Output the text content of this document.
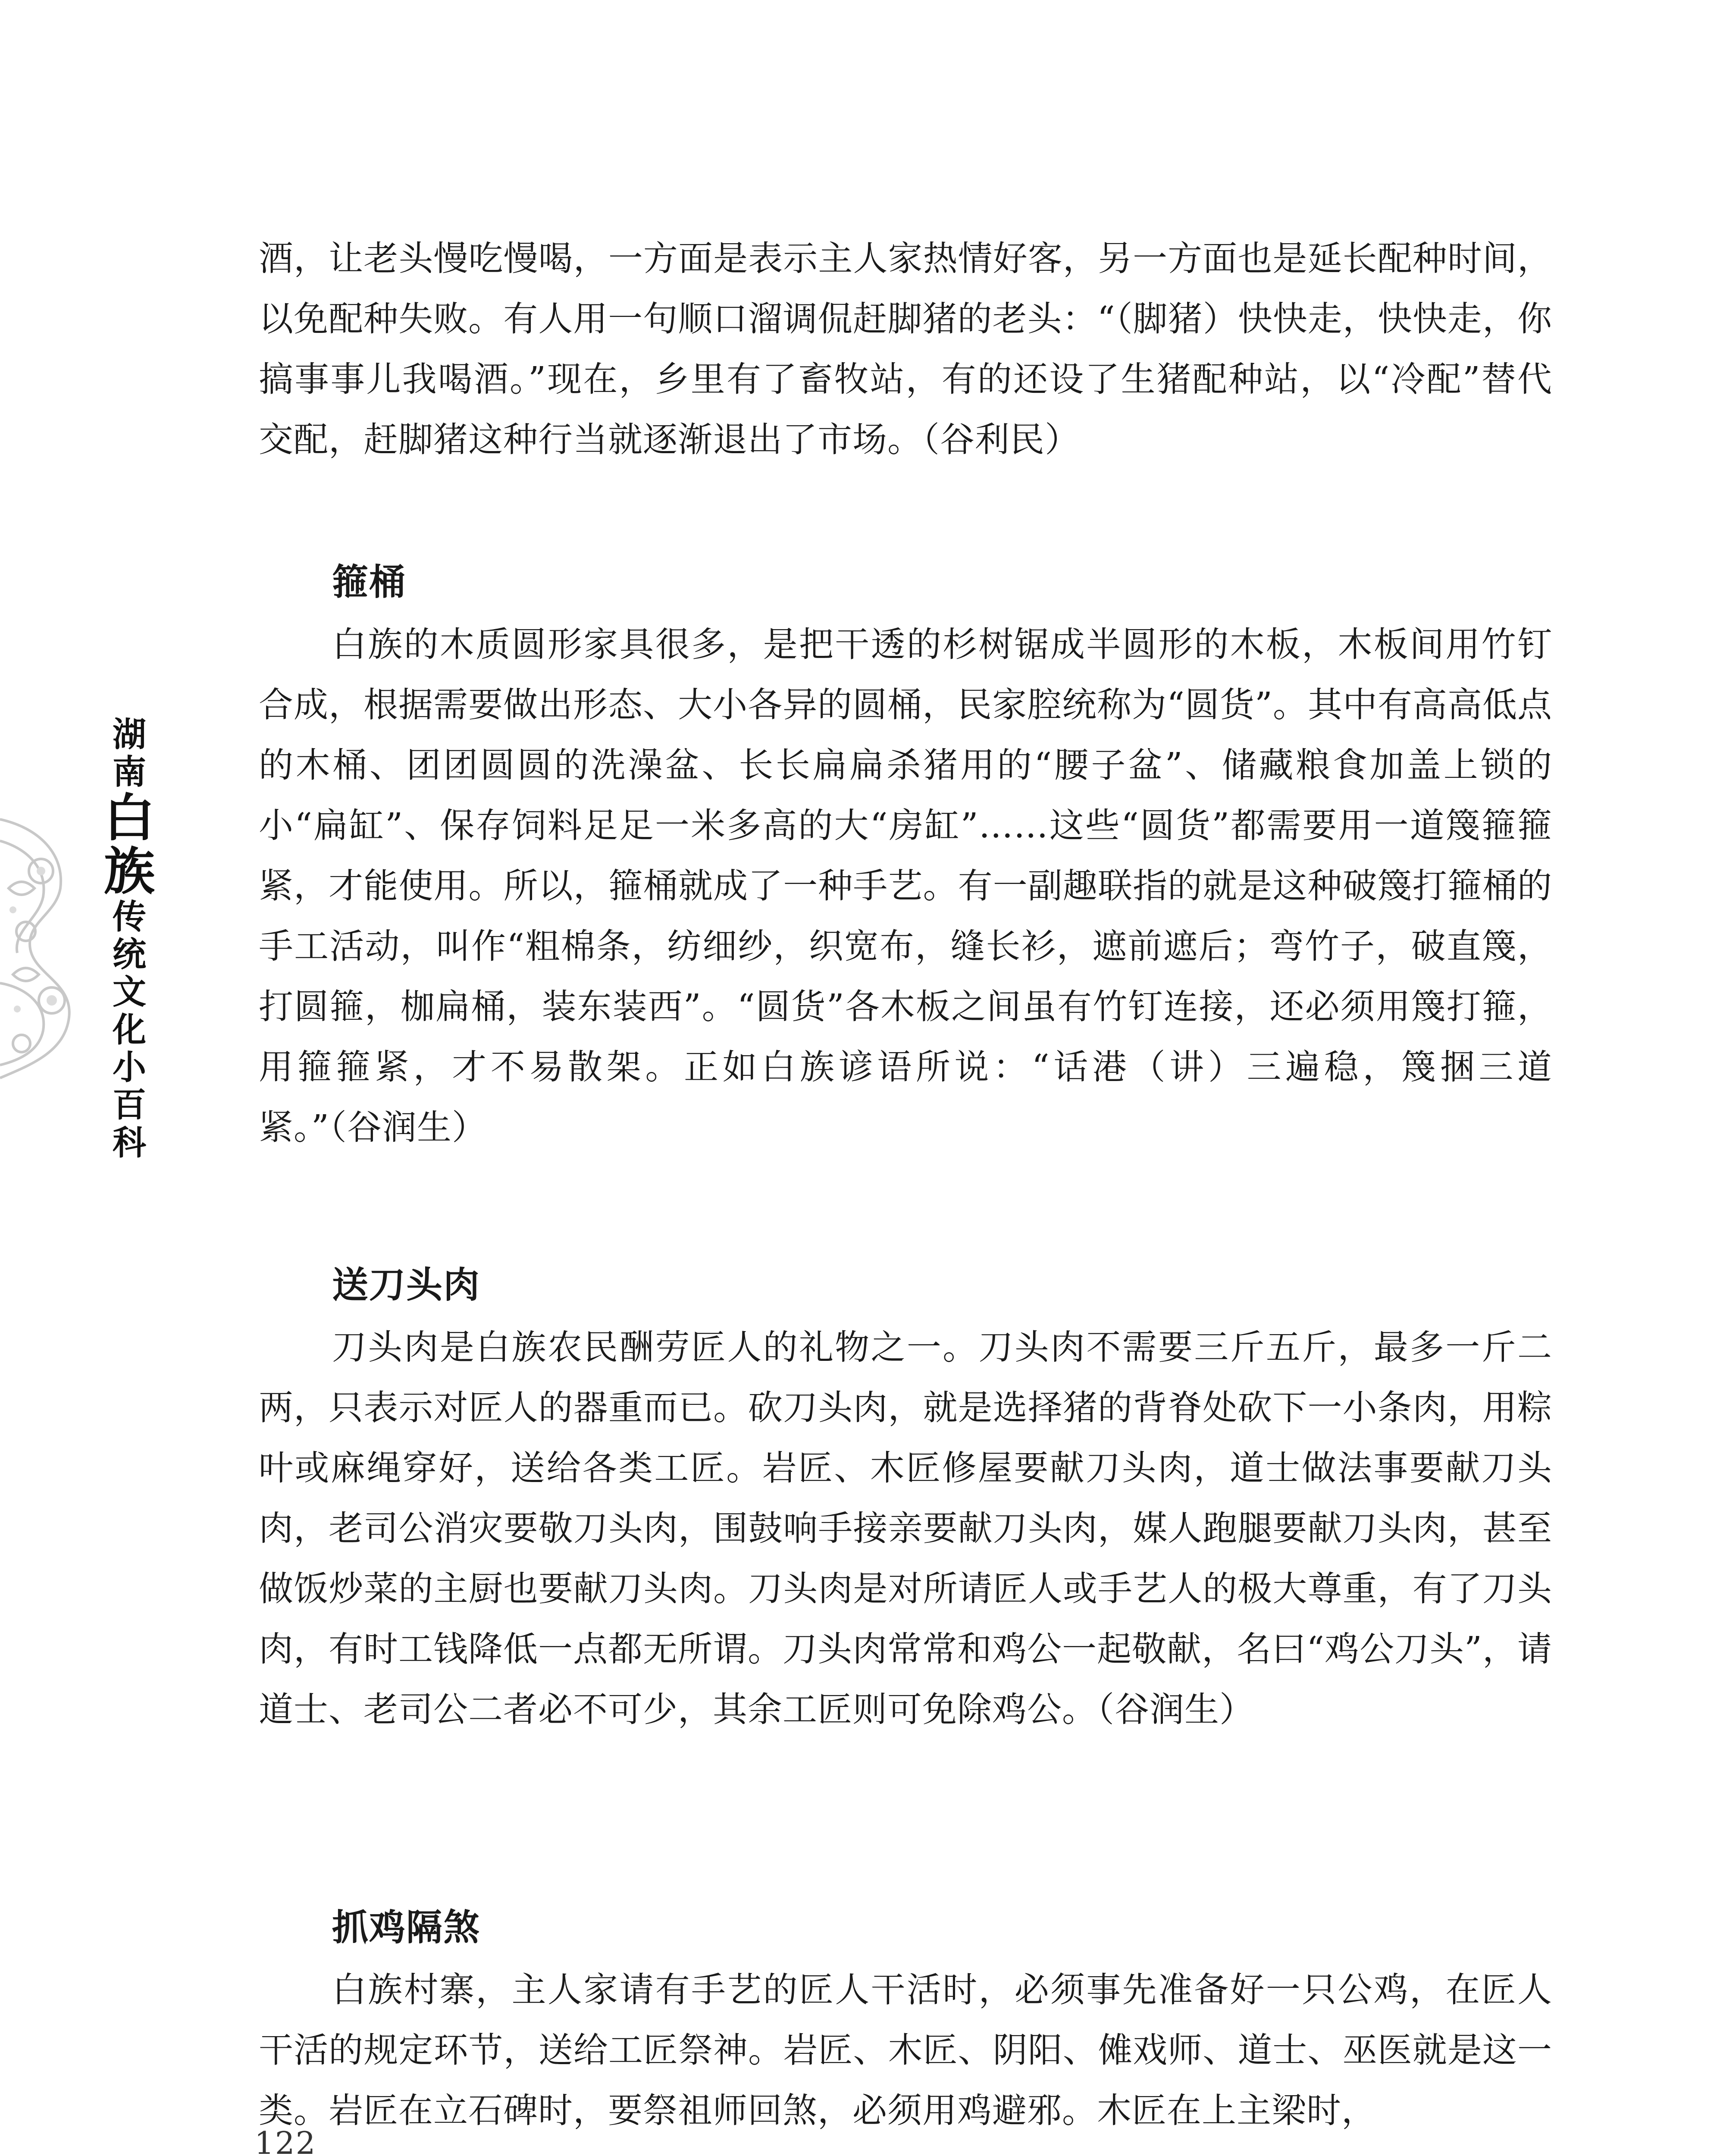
湖
南
白
族
传
统
文
化
小
百
科

酒，让老头慢吃慢喝，一方面是表示主人家热情好客，另一方面也是延长配种时间，以免配种失败。有人用一句顺口溜调侃赶脚猪的老头：“（脚猪）快快走，快快走，你搞事事儿我喝酒。”现在，乡里有了畜牧站，有的还设了生猪配种站，以“冷配”替代交配，赶脚猪这种行当就逐渐退出了市场。（谷利民）

箍桶

白族的木质圆形家具很多，是把干透的杉树锯成半圆形的木板，木板间用竹钉合成，根据需要做出形态、大小各异的圆桶，民家腔统称为“圆货”。其中有高高低点的木桶、团团圆圆的洗澡盆、长长扁扁杀猪用的“腰子盆”、储藏粮食加盖上锁的小“扁缸”、保存饲料足足一米多高的大“房缸”……这些“圆货”都需要用一道篾箍箍紧，才能使用。所以，箍桶就成了一种手艺。有一副趣联指的就是这种破篾打箍桶的手工活动，叫作“粗棉条，纺细纱，织宽布，缝长衫，遮前遮后；弯竹子，破直篾，打圆箍，枷扁桶，装东装西”。“圆货”各木板之间虽有竹钉连接，还必须用篾打箍，用箍箍紧，才不易散架。正如白族谚语所说：“话港（讲）三遍稳，篾捆三道紧。”（谷润生）

送刀头肉

刀头肉是白族农民酬劳匠人的礼物之一。刀头肉不需要三斤五斤，最多一斤二两，只表示对匠人的器重而已。砍刀头肉，就是选择猪的背脊处砍下一小条肉，用粽叶或麻绳穿好，送给各类工匠。岩匠、木匠修屋要献刀头肉，道士做法事要献刀头肉，老司公消灾要敬刀头肉，围鼓响手接亲要献刀头肉，媒人跑腿要献刀头肉，甚至做饭炒菜的主厨也要献刀头肉。刀头肉是对所请匠人或手艺人的极大尊重，有了刀头肉，有时工钱降低一点都无所谓。刀头肉常常和鸡公一起敬献，名曰“鸡公刀头”，请道士、老司公二者必不可少，其余工匠则可免除鸡公。（谷润生）

抓鸡隔煞

白族村寨，主人家请有手艺的匠人干活时，必须事先准备好一只公鸡，在匠人干活的规定环节，送给工匠祭神。岩匠、木匠、阴阳、傩戏师、道士、巫医就是这一类。岩匠在立石碑时，要祭祖师回煞，必须用鸡避邪。木匠在上主梁时，

122
